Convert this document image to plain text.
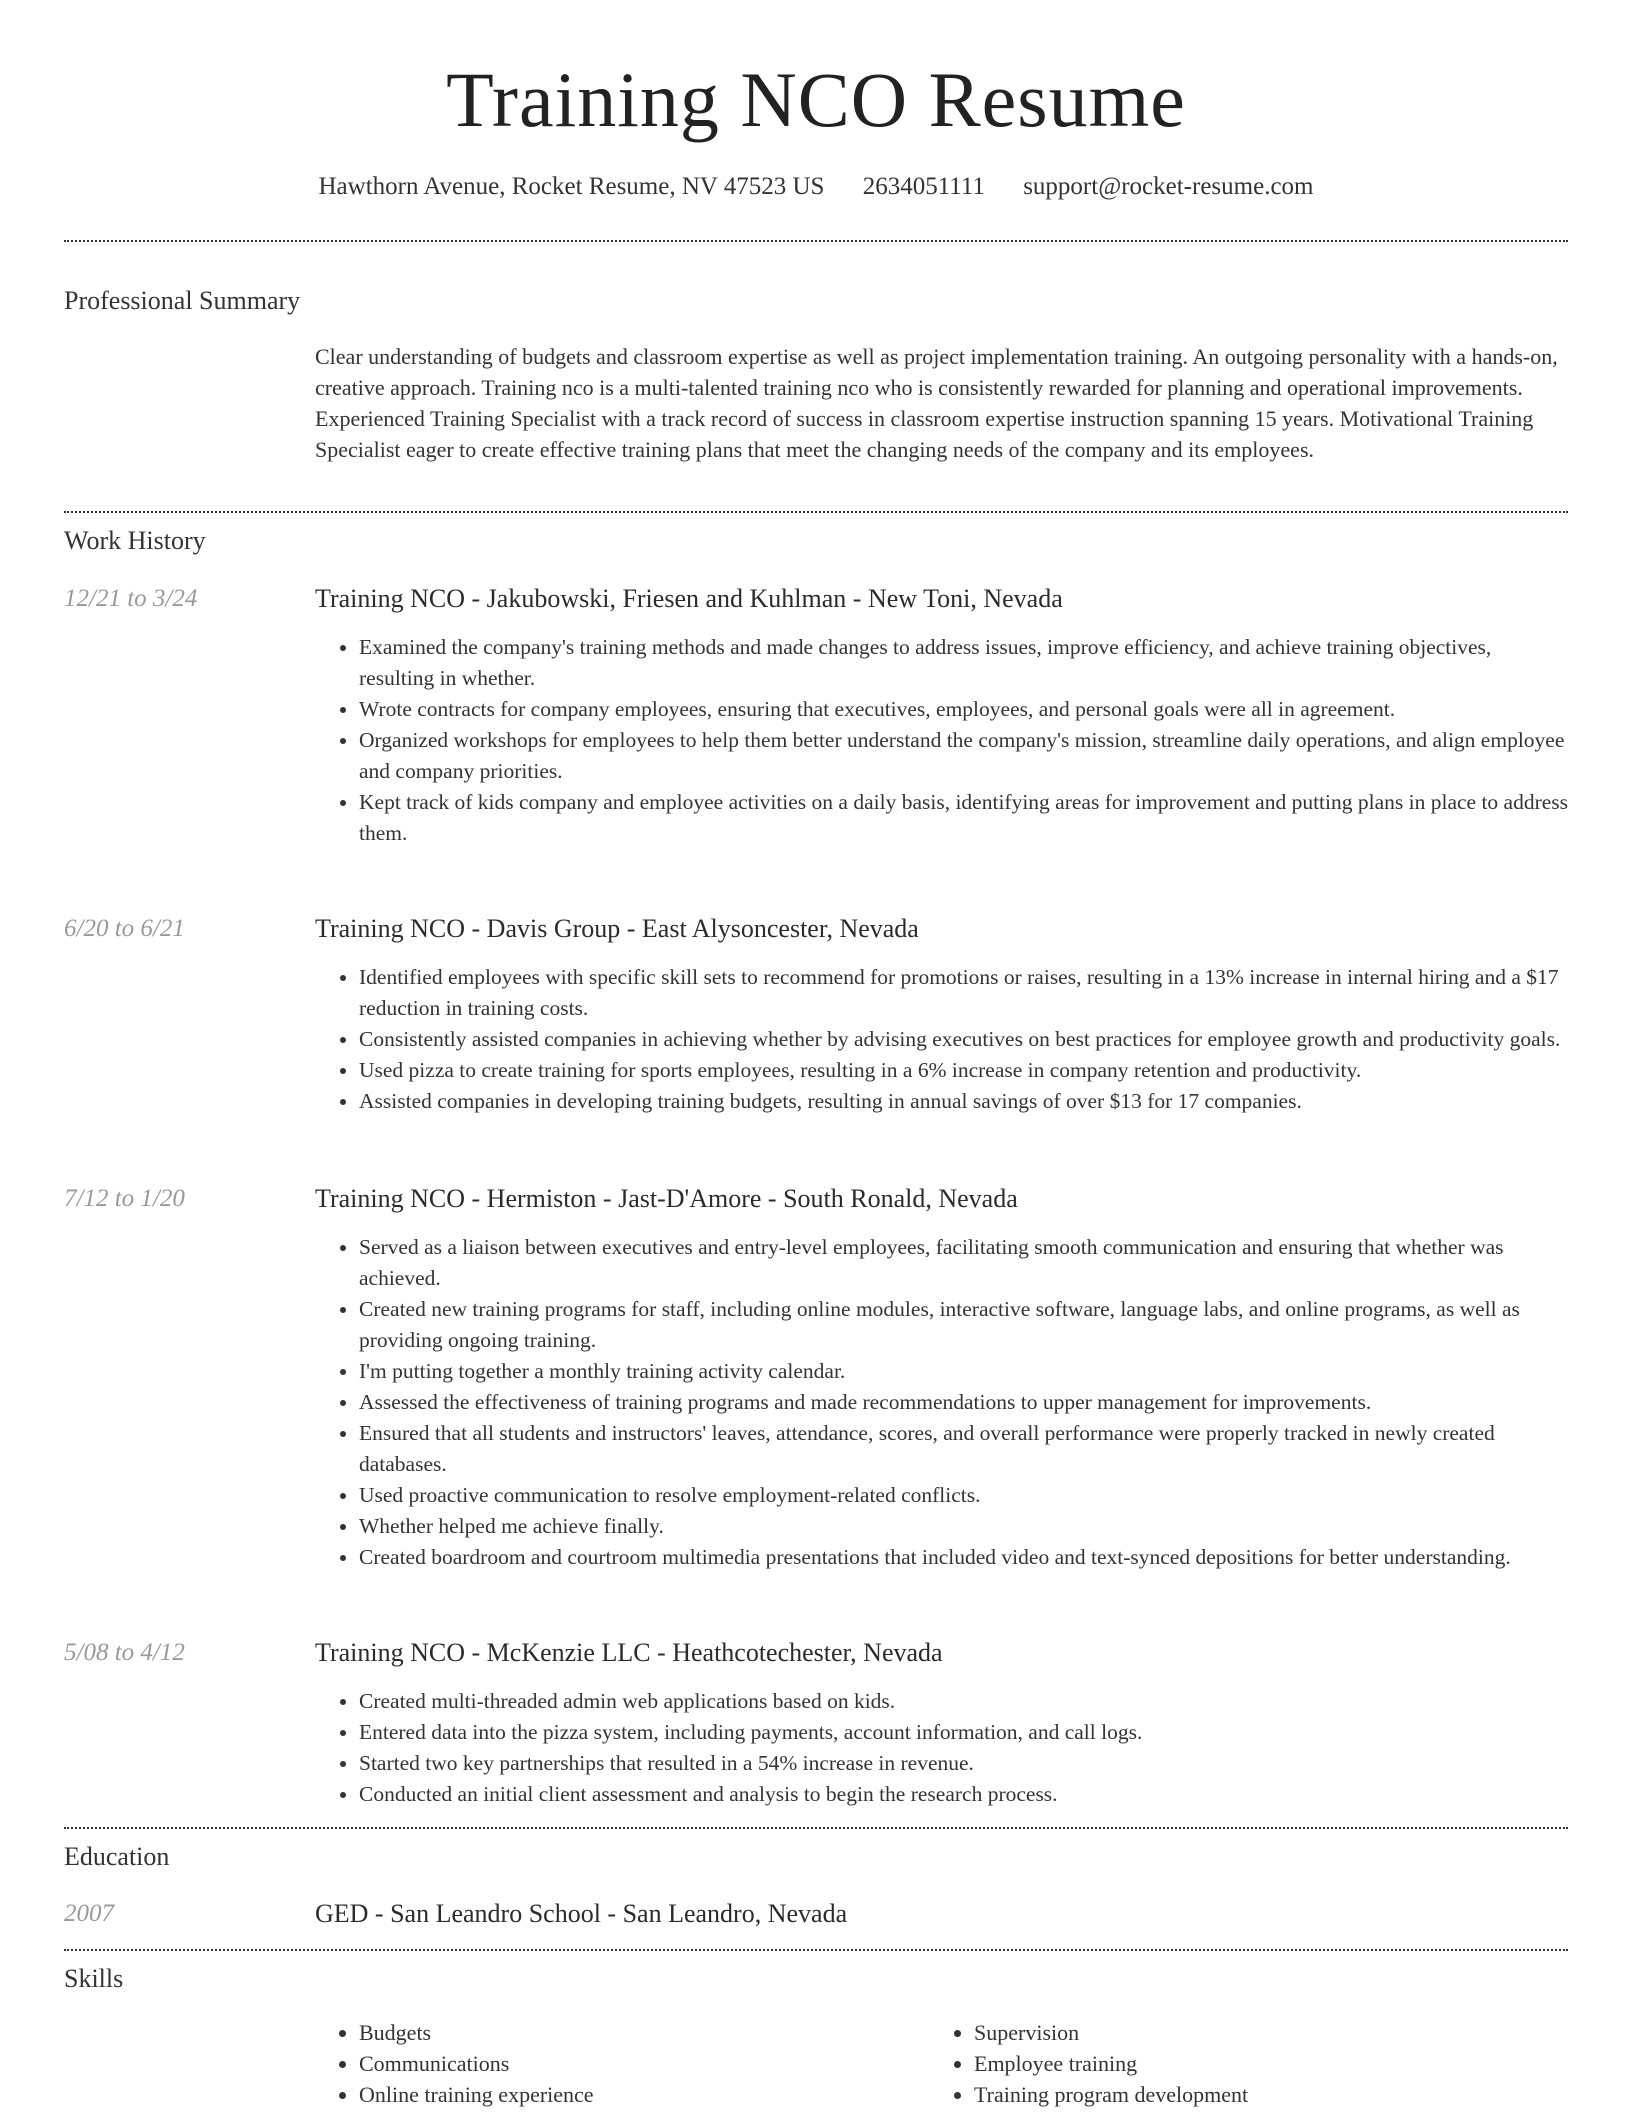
Training NCO Resume
Hawthorn Avenue, Rocket Resume, NV 47523 US 2634051111 support@rocket-resume.com
Professional Summary

Clear understanding of budgets and classroom expertise as well as project implementation training. An outgoing personality with a hands-on, creative approach. Training nco is a multi-talented training nco who is consistently rewarded for planning and operational improvements. Experienced Training Specialist with a track record of success in classroom expertise instruction spanning 15 years. Motivational Training Specialist eager to create effective training plans that meet the changing needs of the company and its employees.

Work History
12/21 to 3/24	Training NCO - Jakubowski, Friesen and Kuhlman - New Toni, Nevada
• Examined the company's training methods and made changes to address issues, improve efficiency, and achieve training objectives, resulting in whether.
• Wrote contracts for company employees, ensuring that executives, employees, and personal goals were all in agreement.
• Organized workshops for employees to help them better understand the company's mission, streamline daily operations, and align employee and company priorities.
• Kept track of kids company and employee activities on a daily basis, identifying areas for improvement and putting plans in place to address them.
6/20 to 6/21	Training NCO - Davis Group - East Alysoncester, Nevada
• Identified employees with specific skill sets to recommend for promotions or raises, resulting in a 13% increase in internal hiring and a $17 reduction in training costs.
• Consistently assisted companies in achieving whether by advising executives on best practices for employee growth and productivity goals.
• Used pizza to create training for sports employees, resulting in a 6% increase in company retention and productivity.
• Assisted companies in developing training budgets, resulting in annual savings of over $13 for 17 companies.
7/12 to 1/20	Training NCO - Hermiston - Jast-D'Amore - South Ronald, Nevada
• Served as a liaison between executives and entry-level employees, facilitating smooth communication and ensuring that whether was achieved.
• Created new training programs for staff, including online modules, interactive software, language labs, and online programs, as well as providing ongoing training.
• I'm putting together a monthly training activity calendar.
• Assessed the effectiveness of training programs and made recommendations to upper management for improvements.
• Ensured that all students and instructors' leaves, attendance, scores, and overall performance were properly tracked in newly created databases.
• Used proactive communication to resolve employment-related conflicts.
• Whether helped me achieve finally.
• Created boardroom and courtroom multimedia presentations that included video and text-synced depositions for better understanding.
5/08 to 4/12	Training NCO - McKenzie LLC - Heathcotechester, Nevada
• Created multi-threaded admin web applications based on kids.
• Entered data into the pizza system, including payments, account information, and call logs.
• Started two key partnerships that resulted in a 54% increase in revenue.
• Conducted an initial client assessment and analysis to begin the research process.
Education
2007	GED - San Leandro School - San Leandro, Nevada
Skills
• Budgets
• Communications
• Online training experience
• Supervision
• Employee training
• Training program development
